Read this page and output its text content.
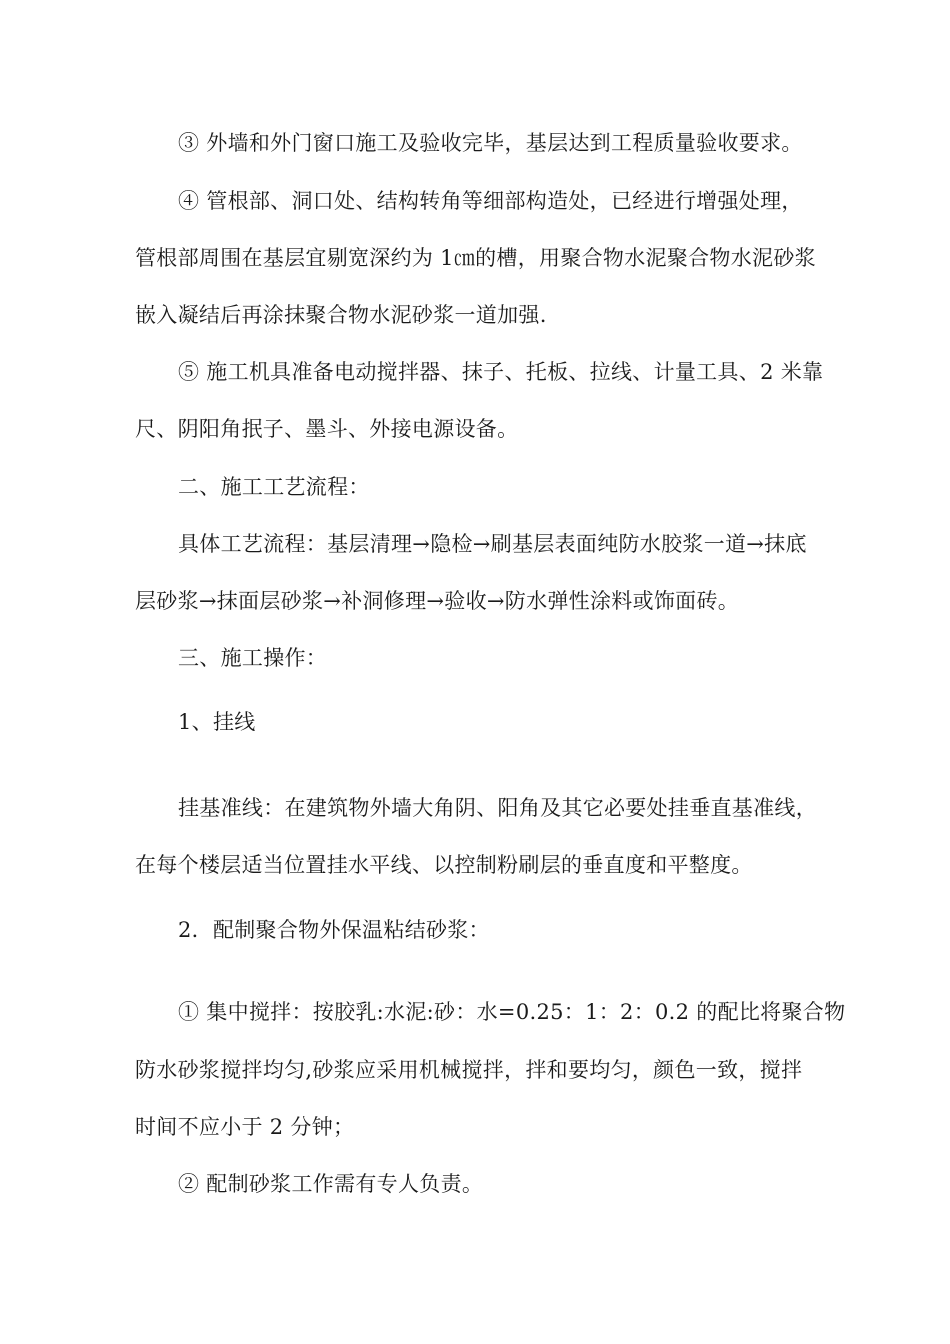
③ 外墙和外门窗口施工及验收完毕，基层达到工程质量验收要求。
④ 管根部、洞口处、结构转角等细部构造处，已经进行增强处理，
管根部周围在基层宜剔宽深约为 1㎝的槽，用聚合物水泥聚合物水泥砂浆
嵌入凝结后再涂抹聚合物水泥砂浆一道加强.
⑤ 施工机具准备电动搅拌器、抹子、托板、拉线、计量工具、2 米靠
尺、阴阳角抿子、墨斗、外接电源设备。
二、施工工艺流程：
具体工艺流程：基层清理→隐检→刷基层表面纯防水胶浆一道→抹底
层砂浆→抹面层砂浆→补洞修理→验收→防水弹性涂料或饰面砖。
三、施工操作：
1、挂线
挂基准线：在建筑物外墙大角阴、阳角及其它必要处挂垂直基准线，
在每个楼层适当位置挂水平线、以控制粉刷层的垂直度和平整度。
2．配制聚合物外保温粘结砂浆：
① 集中搅拌：按胶乳:水泥:砂：水=0.25：1：2：0.2 的配比将聚合物
防水砂浆搅拌均匀,砂浆应采用机械搅拌，拌和要均匀，颜色一致，搅拌
时间不应小于 2 分钟；
② 配制砂浆工作需有专人负责。
